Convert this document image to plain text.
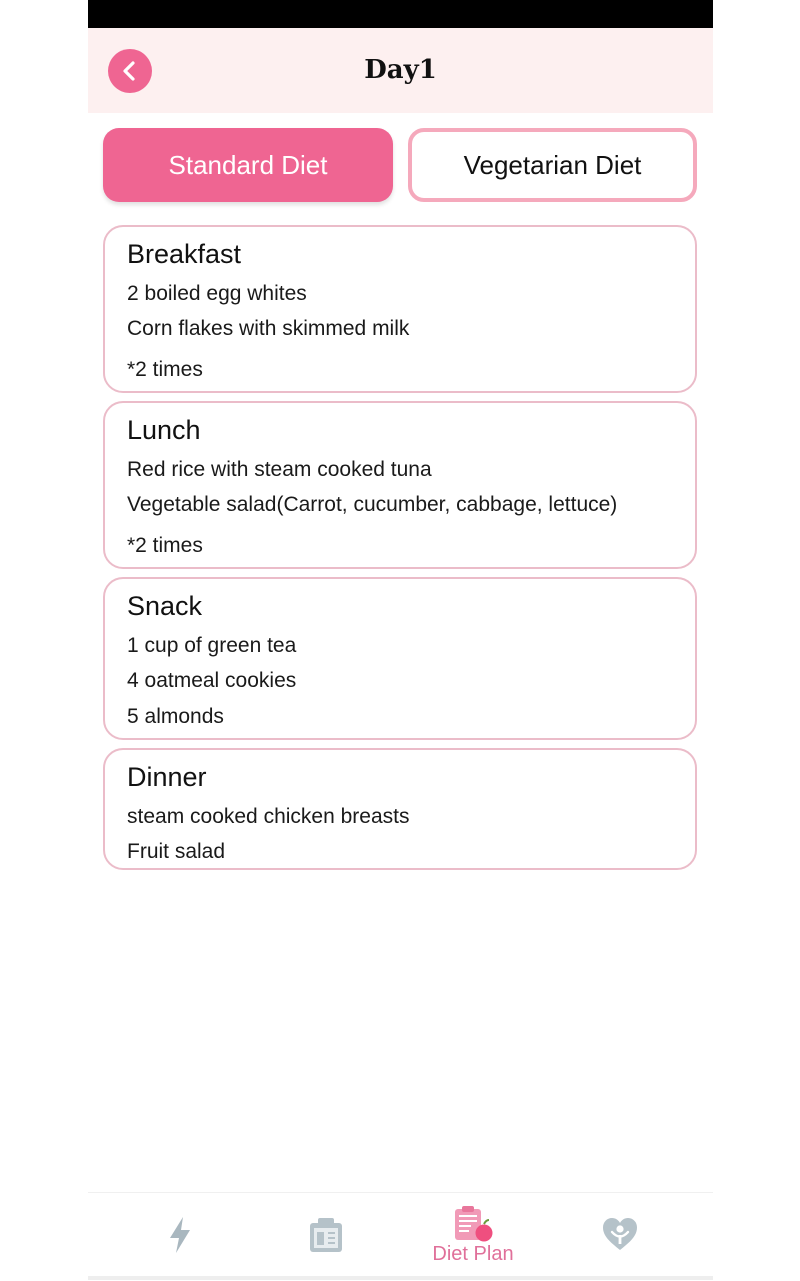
Day1
Standard Diet	Vegetarian Diet
Breakfast
2 boiled egg whites
Corn flakes with skimmed milk
*2 times
Lunch
Red rice with steam cooked tuna
Vegetable salad(Carrot, cucumber, cabbage, lettuce)
*2 times
Snack
1 cup of green tea
4 oatmeal cookies
5 almonds
Dinner
steam cooked chicken breasts
Fruit salad
Diet Plan
